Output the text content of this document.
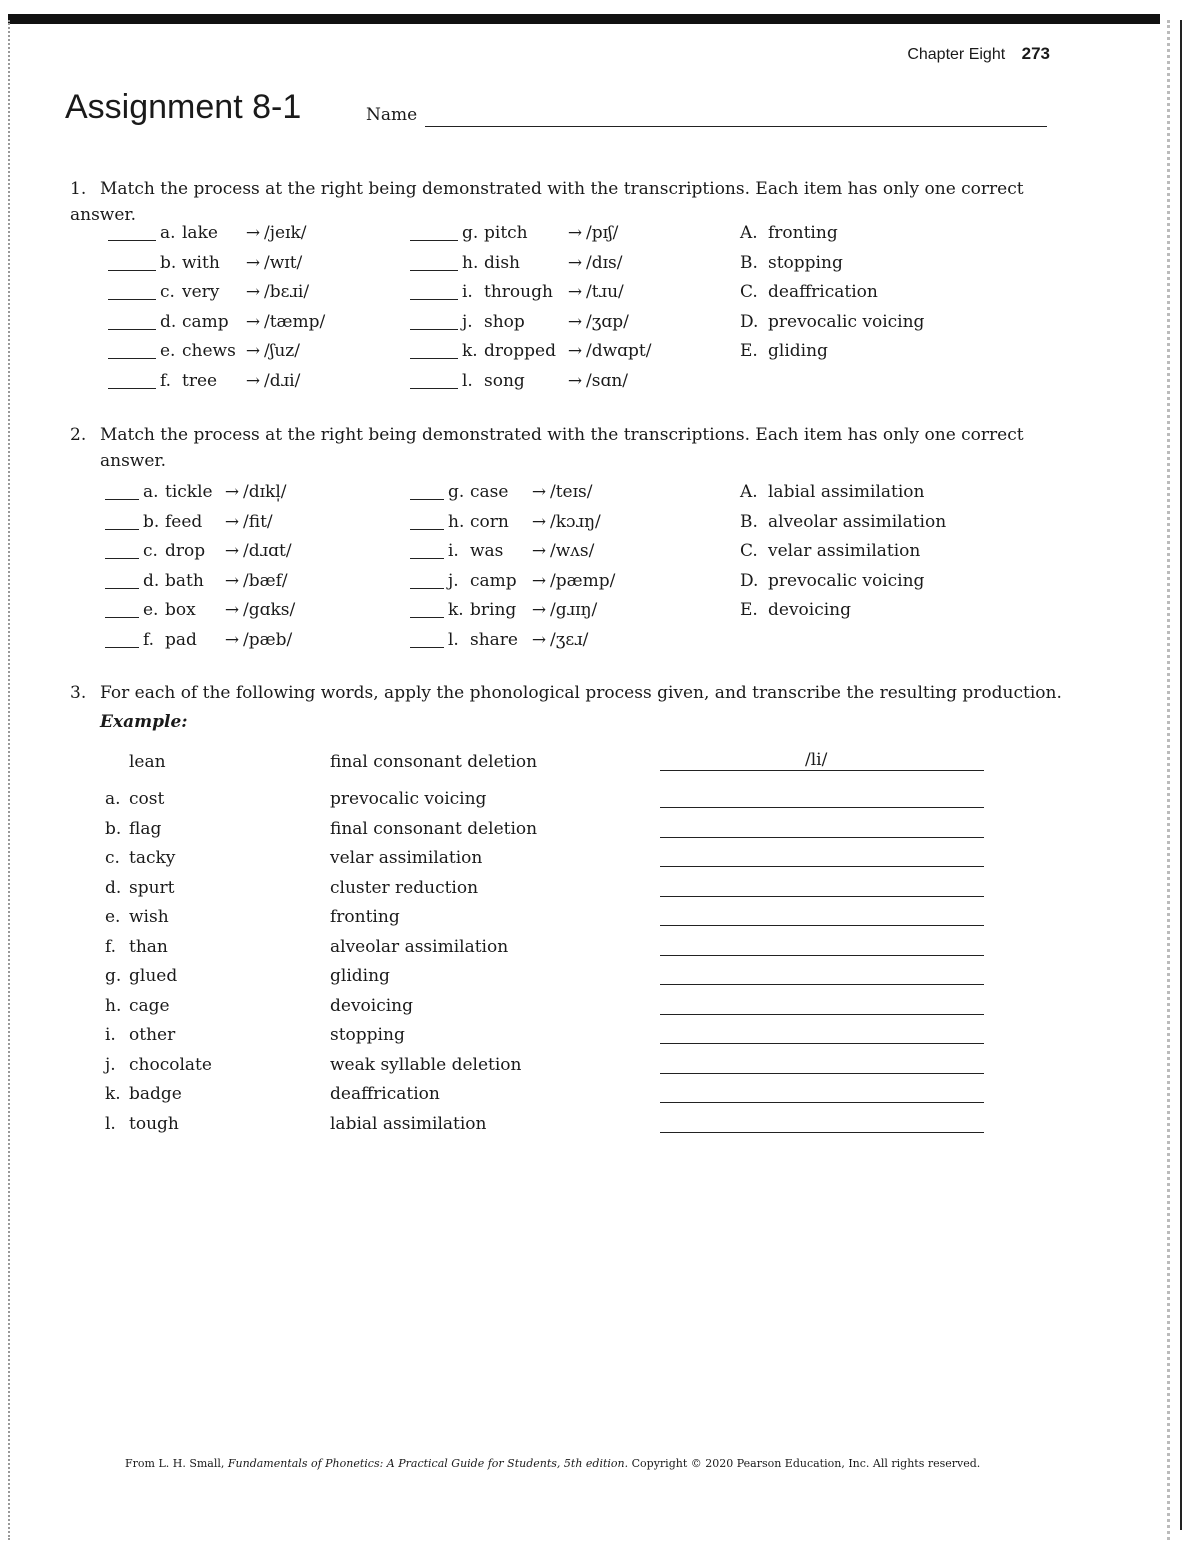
Chapter Eight 273
Assignment 8-1	Name
1. Match the process at the right being demonstrated with the transcriptions. Each item has only one correct answer.
a. lake → /jeɪk/
b. with → /wɪt/
c. very → /bɛɹi/
d. camp → /tæmp/
e. chews → /ʃuz/
f. tree → /dɹi/
g. pitch → /pɪʃ/
h. dish	→ /dɪs/
i. through → /tɹu/
j. shop	→ /ʒɑp/
k. dropped → /dwɑpt/
l. song	→ /sɑn/
A. fronting
B. stopping
C. deaffrication
D. prevocalic voicing
E. gliding
2. Match the process at the right being demonstrated with the transcriptions. Each item has only one correct
answer.
a. tickle → /dɪkl̩/
b. feed → /fit/
c. drop → /dɹɑt/
d. bath → /bæf/
e. box → /gɑks/
f. pad → /pæb/
g. case → /teɪs/
h. corn → /kɔɹŋ/
i. was → /wʌs/
j. camp → /pæmp/
k. bring → /gɹɪŋ/
l. share → /ʒɛɹ/
A. labial assimilation
B. alveolar assimilation
C. velar assimilation
D. prevocalic voicing
E. devoicing
3. For each of the following words, apply the phonological process given, and transcribe the resulting production.
Example:
lean	final consonant deletion	/li/
a. cost	prevocalic voicing
b. flag	final consonant deletion
c. tacky	velar assimilation
d. spurt	cluster reduction
e. wish	fronting
f. than	alveolar assimilation
g. glued	gliding
h. cage	devoicing
i. other	stopping
j. chocolate	weak syllable deletion
k. badge	deaffrication
l. tough	labial assimilation
From L. H. Small, Fundamentals of Phonetics: A Practical Guide for Students, 5th edition. Copyright © 2020 Pearson Education, Inc. All rights reserved.
